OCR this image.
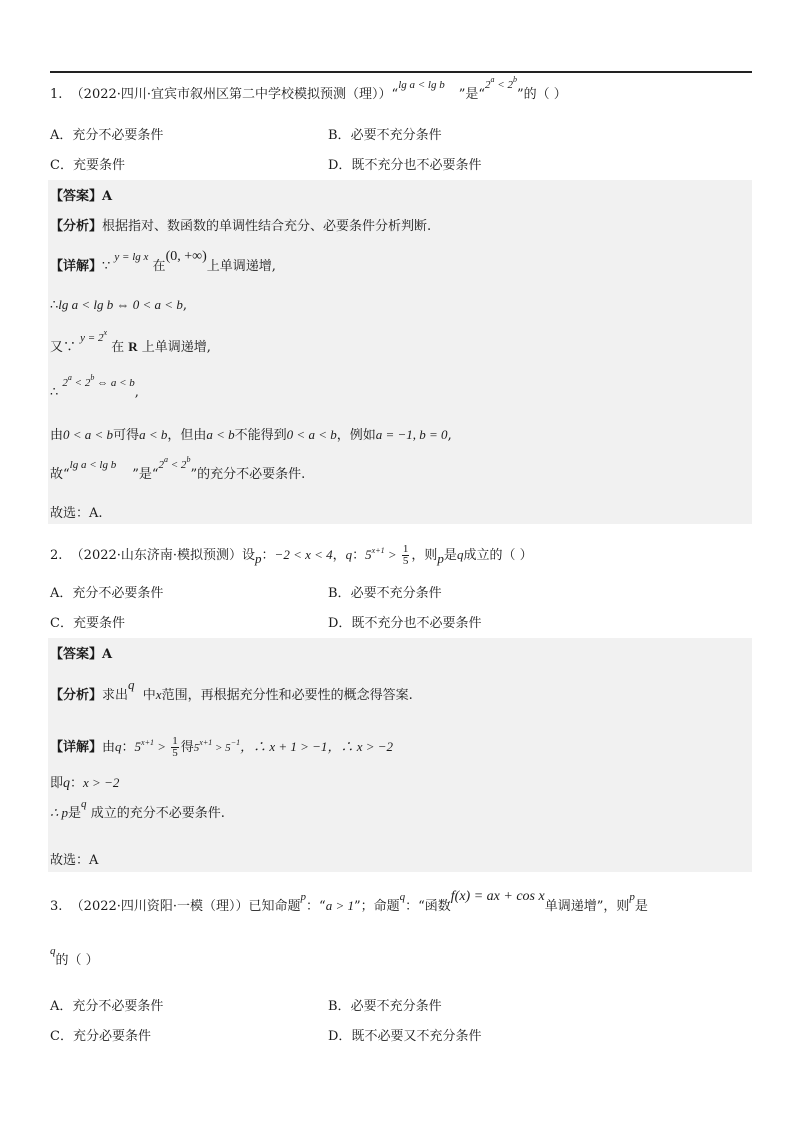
1. （2022·四川·宜宾市叙州区第二中学校模拟预测（理））“$^{lg a < lg b}$”是“$^{2^a < 2^b}$”的（ ）
A．充分不必要条件	B．必要不充分条件
C．充要条件	D．既不充分也不必要条件
【答案】A
【分析】根据指对、数函数的单调性结合充分、必要条件分析判断.
【详解】∵ $^{y = lg x}$ 在(0, +∞)上单调递增,
∴lg a < lg b ⇔ 0 < a < b,
又∵ $^{y = 2^x}$ 在 R 上单调递增,
∴ $^{2^a < 2^b \Leftrightarrow a < b}$,
由0 < a < b可得a < b，但由a < b不能得到0 < a < b，例如a = −1, b = 0,
故“$^{lg a < lg b}$”是“$^{2^a < 2^b}$”的充分不必要条件.
故选：A.
2. （2022·山东济南·模拟预测）设p：−2 < x < 4，q：$5^{x+1} > \frac{1}{5}$ ，则p是q成立的（ ）
A．充分不必要条件	B．必要不充分条件
C．充要条件	D．既不充分也不必要条件
【答案】A
【分析】求出q  中x范围，再根据充分性和必要性的概念得答案.
【详解】由q：$5^{x+1} > \frac{1}{5}$ 得$5^{x+1} > 5^{-1}$，∴ x + 1 > −1，∴ x > −2
即q：x > −2
∴ p是$^q$ 成立的充分不必要条件.
故选：A
3. （2022·四川资阳·一模（理））已知命题$^p$：“a > 1”；命题$^q$：“函数f(x) = ax + cos x单调递增”，则$^p$是
$^q$的（ ）
A．充分不必要条件	B．必要不充分条件
C．充分必要条件	D．既不必要又不充分条件
